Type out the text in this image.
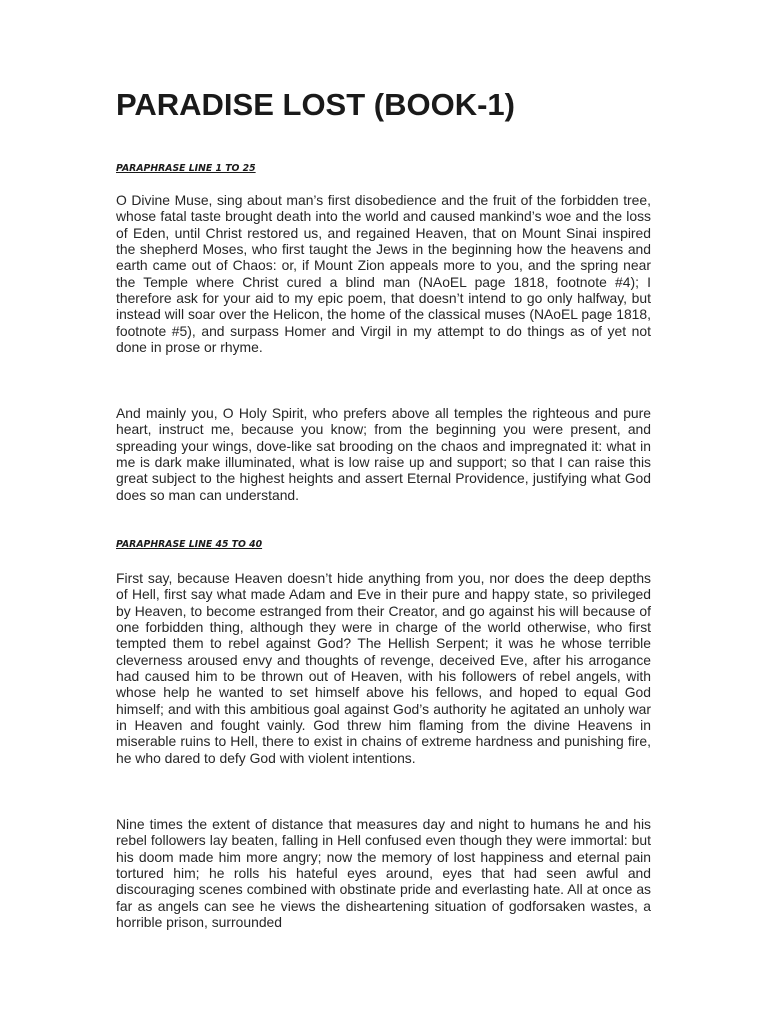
PARADISE LOST (BOOK-1)
PARAPHRASE LINE 1 TO 25

O Divine Muse, sing about man’s first disobedience and the fruit of the forbidden tree, whose fatal taste brought death into the world and caused mankind’s woe and the loss of Eden, until Christ restored us, and regained Heaven, that on Mount Sinai inspired the shepherd Moses, who first taught the Jews in the beginning how the heavens and earth came out of Chaos: or, if Mount Zion appeals more to you, and the spring near the Temple where Christ cured a blind man (NAoEL page 1818, footnote #4); I therefore ask for your aid to my epic poem, that doesn’t intend to go only halfway, but instead will soar over the Helicon, the home of the classical muses (NAoEL page 1818, footnote #5), and surpass Homer and Virgil in my attempt to do things as of yet not done in prose or rhyme.

And mainly you, O Holy Spirit, who prefers above all temples the righteous and pure heart, instruct me, because you know; from the beginning you were present, and spreading your wings, dove-like sat brooding on the chaos and impregnated it: what in me is dark make illuminated, what is low raise up and support; so that I can raise this great subject to the highest heights and assert Eternal Providence, justifying what God does so man can understand.

PARAPHRASE LINE 45 TO 40

First say, because Heaven doesn’t hide anything from you, nor does the deep depths of Hell, first say what made Adam and Eve in their pure and happy state, so privileged by Heaven, to become estranged from their Creator, and go against his will because of one forbidden thing, although they were in charge of the world otherwise, who first tempted them to rebel against God? The Hellish Serpent; it was he whose terrible cleverness aroused envy and thoughts of revenge, deceived Eve, after his arrogance had caused him to be thrown out of Heaven, with his followers of rebel angels, with whose help he wanted to set himself above his fellows, and hoped to equal God himself; and with this ambitious goal against God’s authority he agitated an unholy war in Heaven and fought vainly. God threw him flaming from the divine Heavens in miserable ruins to Hell, there to exist in chains of extreme hardness and punishing fire, he who dared to defy God with violent intentions.

Nine times the extent of distance that measures day and night to humans he and his rebel followers lay beaten, falling in Hell confused even though they were immortal: but his doom made him more angry; now the memory of lost happiness and eternal pain tortured him; he rolls his hateful eyes around, eyes that had seen awful and discouraging scenes combined with obstinate pride and everlasting hate. All at once as far as angels can see he views the disheartening situation of godforsaken wastes, a horrible prison, surrounded
